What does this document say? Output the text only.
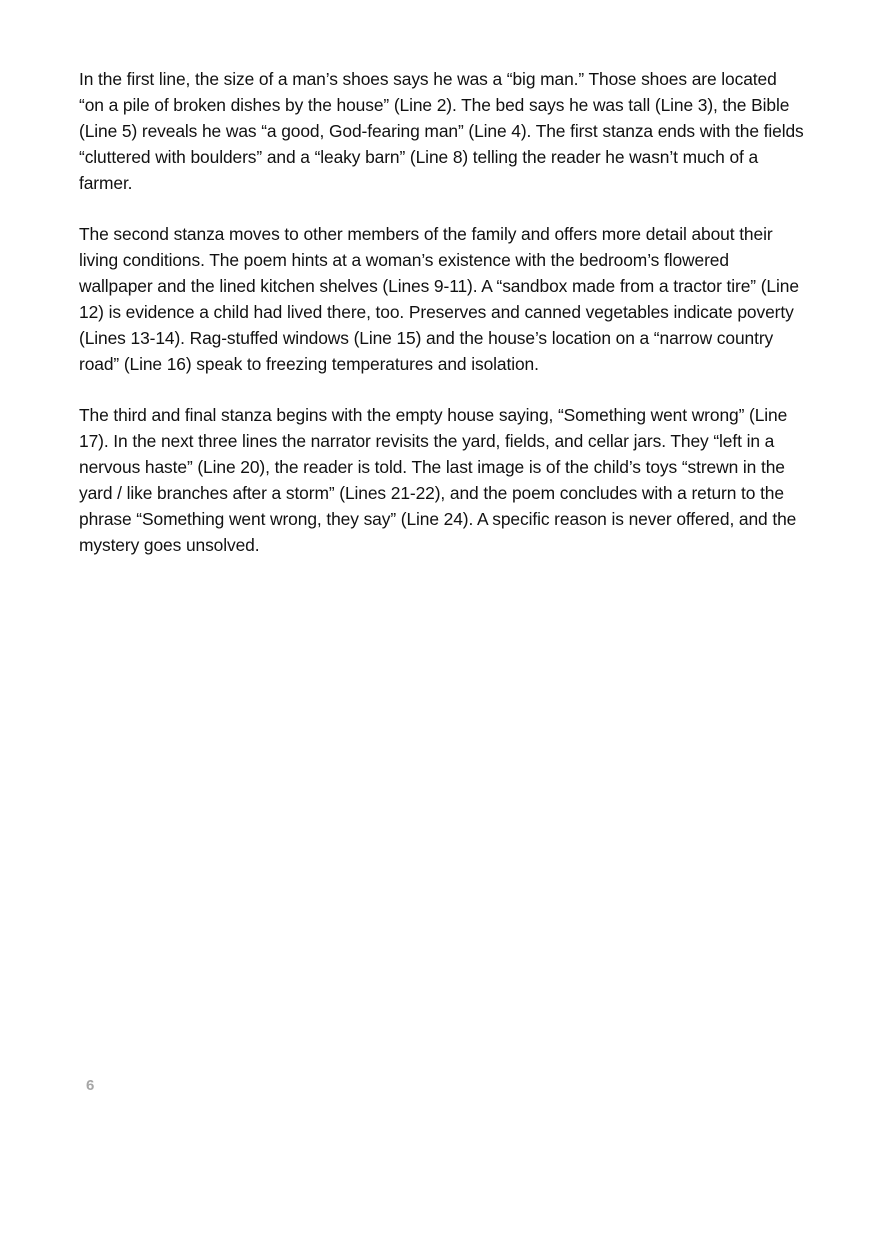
In the first line, the size of a man’s shoes says he was a “big man.” Those shoes are located “on a pile of broken dishes by the house” (Line 2). The bed says he was tall (Line 3), the Bible (Line 5) reveals he was “a good, God-fearing man” (Line 4). The first stanza ends with the fields “cluttered with boulders” and a “leaky barn” (Line 8) telling the reader he wasn’t much of a farmer.

The second stanza moves to other members of the family and offers more detail about their living conditions. The poem hints at a woman’s existence with the bedroom’s flowered wallpaper and the lined kitchen shelves (Lines 9-11). A “sandbox made from a tractor tire” (Line 12) is evidence a child had lived there, too. Preserves and canned vegetables indicate poverty (Lines 13-14). Rag-stuffed windows (Line 15) and the house’s location on a “narrow country road” (Line 16) speak to freezing temperatures and isolation.

The third and final stanza begins with the empty house saying, “Something went wrong” (Line 17). In the next three lines the narrator revisits the yard, fields, and cellar jars. They “left in a nervous haste” (Line 20), the reader is told. The last image is of the child’s toys “strewn in the yard / like branches after a storm” (Lines 21-22), and the poem concludes with a return to the phrase “Something went wrong, they say” (Line 24). A specific reason is never offered, and the mystery goes unsolved.

6
